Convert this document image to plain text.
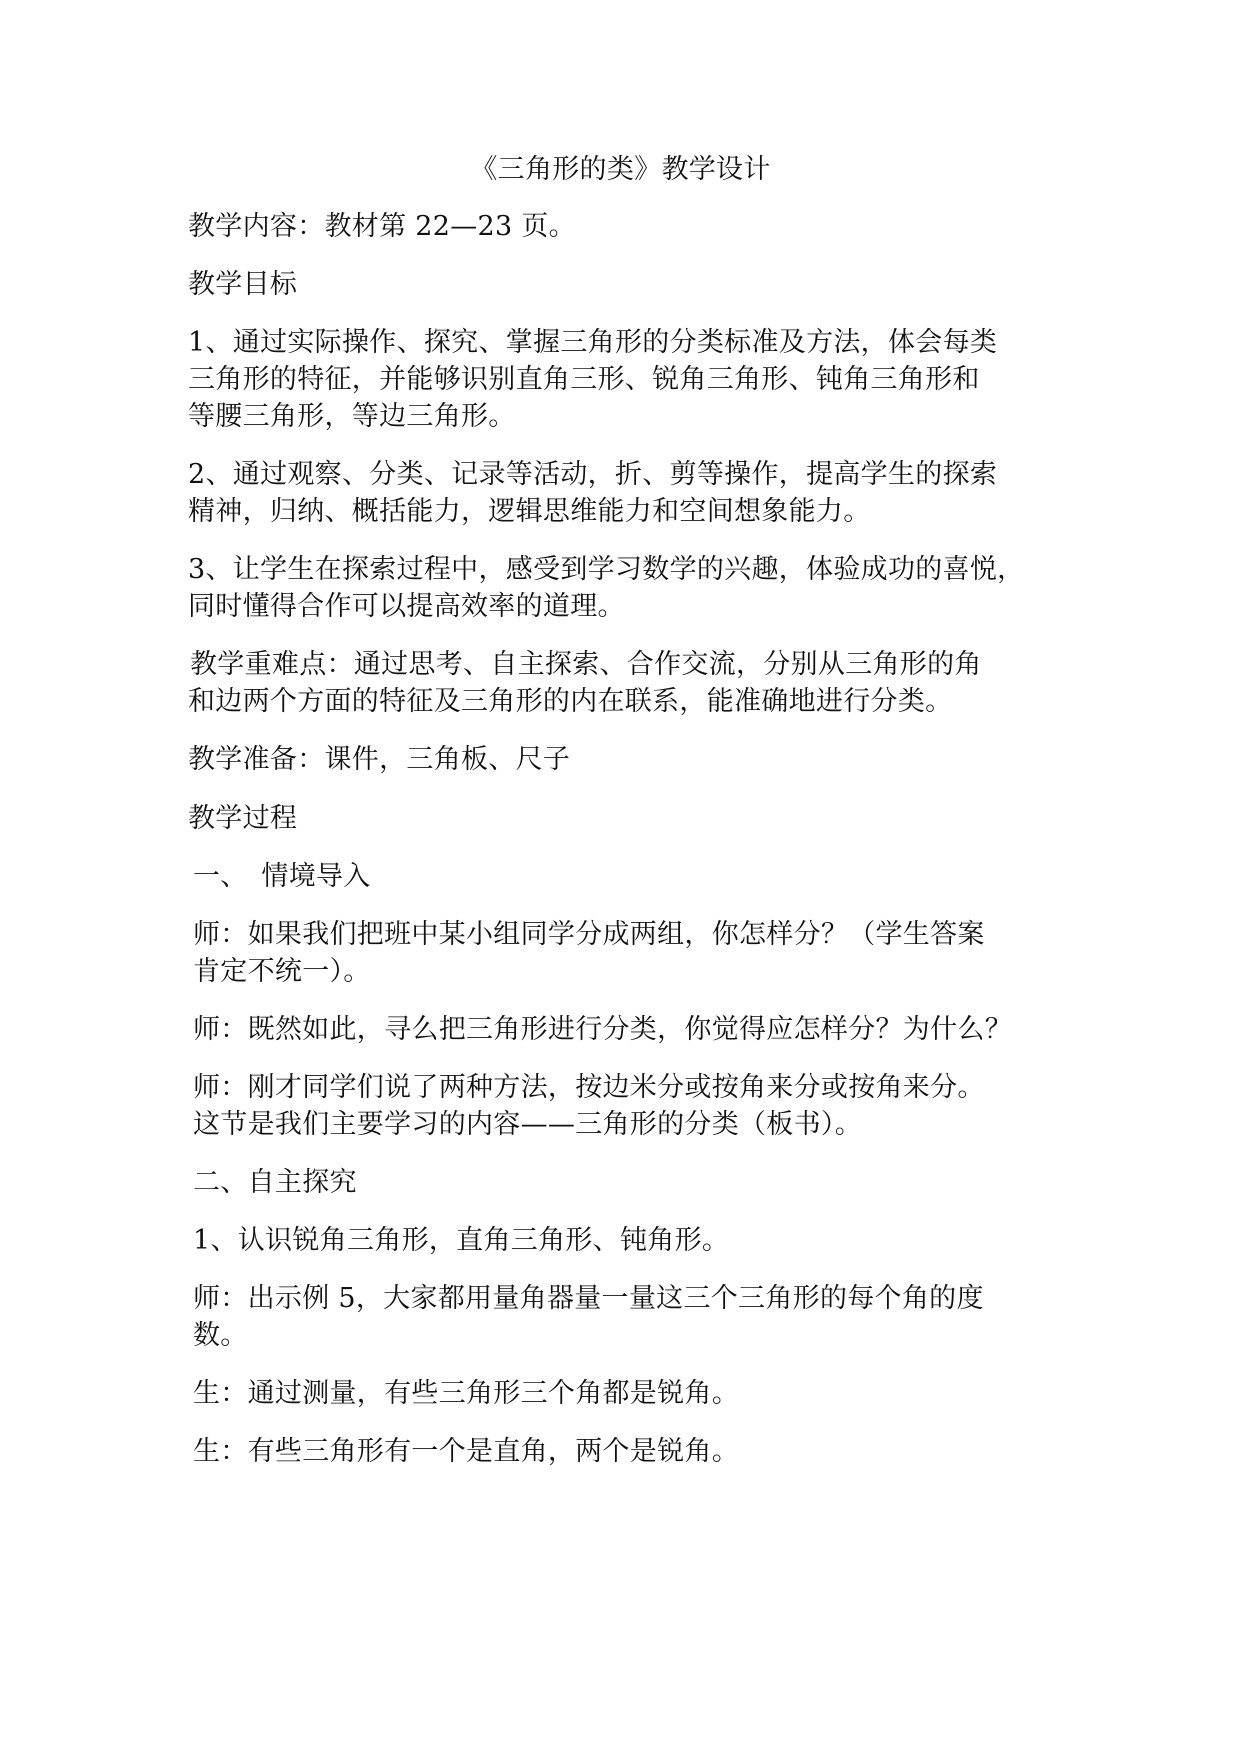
《三角形的类》教学设计

教学内容：教材第 22—23 页。

教学目标

1、通过实际操作、探究、掌握三角形的分类标准及方法，体会每类

三角形的特征，并能够识别直角三形、锐角三角形、钝角三角形和

等腰三角形，等边三角形。

2、通过观察、分类、记录等活动，折、剪等操作，提高学生的探索

精神，归纳、概括能力，逻辑思维能力和空间想象能力。

3、让学生在探索过程中，感受到学习数学的兴趣，体验成功的喜悦，

同时懂得合作可以提高效率的道理。

教学重难点：通过思考、自主探索、合作交流，分别从三角形的角

和边两个方面的特征及三角形的内在联系，能准确地进行分类。

教学准备：课件，三角板、尺子

教学过程

一、　情境导入

师：如果我们把班中某小组同学分成两组，你怎样分？（学生答案

肯定不统一）。

师：既然如此，寻么把三角形进行分类，你觉得应怎样分？为什么？

师：刚才同学们说了两种方法，按边米分或按角来分或按角来分。

这节是我们主要学习的内容——三角形的分类（板书）。

二、自主探究

1、认识锐角三角形，直角三角形、钝角形。

师：出示例 5，大家都用量角器量一量这三个三角形的每个角的度

数。

生：通过测量，有些三角形三个角都是锐角。

生：有些三角形有一个是直角，两个是锐角。
